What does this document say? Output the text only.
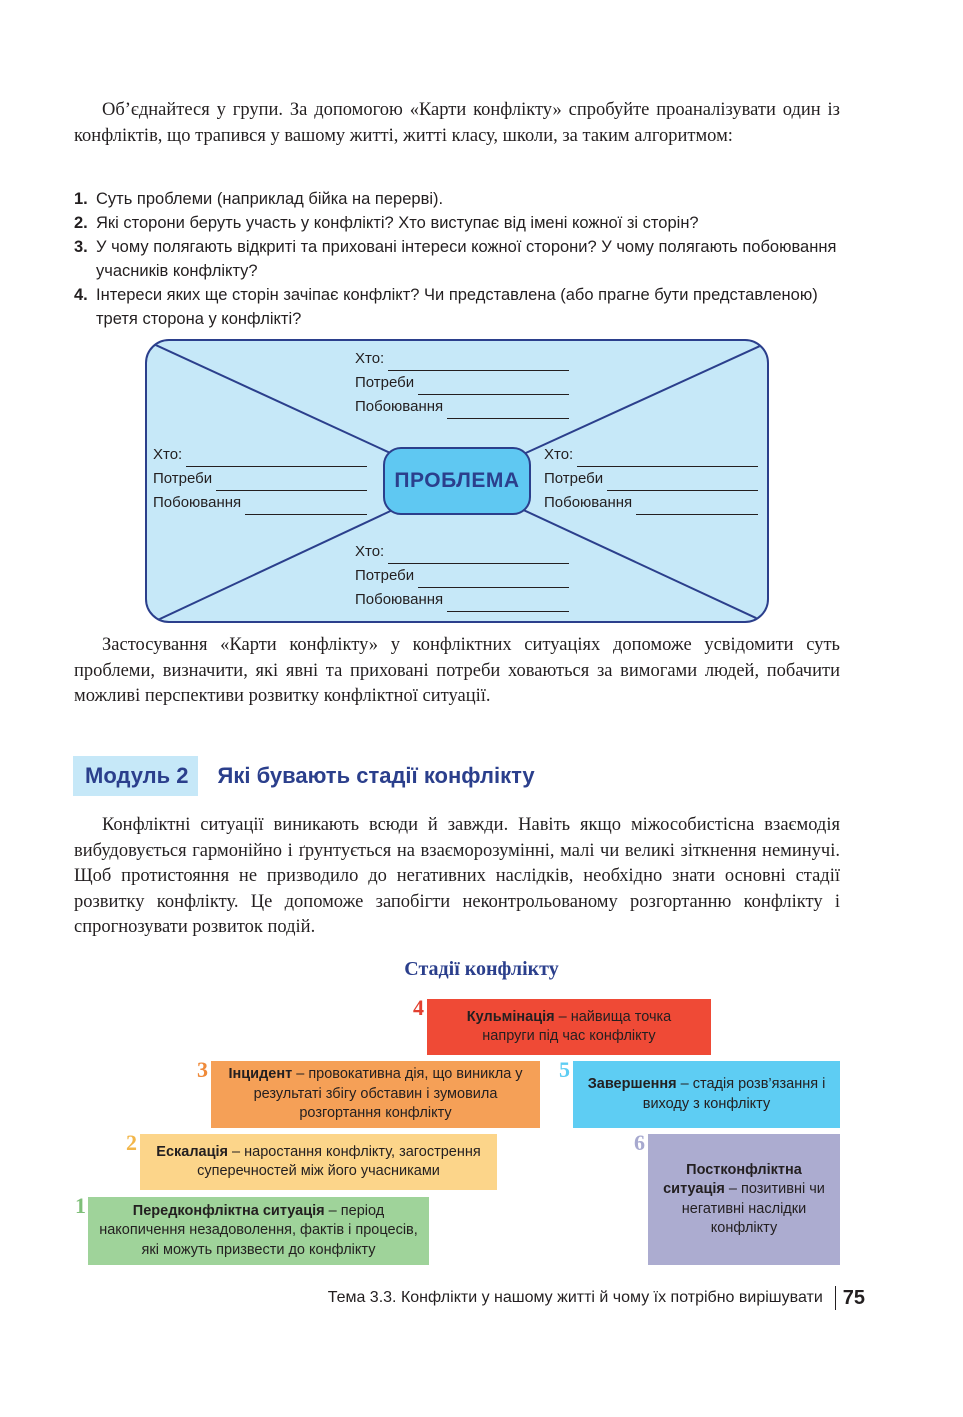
Об’єднайтеся у групи. За допомогою «Карти конфлікту» спробуйте проаналізувати один із конфліктів, що трапився у вашому житті, житті класу, школи, за таким алгоритмом:

1. Суть проблеми (наприклад бійка на перерві).
2. Які сторони беруть участь у конфлікті? Хто виступає від імені кожної зі сторін?
3. У чому полягають відкриті та приховані інтереси кожної сторони? У чому полягають побоювання учасників конфлікту?
4. Інтереси яких ще сторін зачіпає конфлікт? Чи представлена (або прагне бути представленою) третя сторона у конфлікті?
Хто:
Потреби
Побоювання
Хто:
Потреби
Побоювання
Хто:
Потреби
Побоювання
Хто:
Потреби
Побоювання
ПРОБЛЕМА

Застосування «Карти конфлікту» у конфліктних ситуаціях допоможе усвідомити суть проблеми, визначити, які явні та приховані потреби ховаються за вимогами людей, побачити можливі перспективи розвитку конфліктної ситуації.

Модуль 2	Які бувають стадії конфлікту

Конфліктні ситуації виникають всюди й завжди. Навіть якщо міжособистісна взаємодія вибудовується гармонійно і ґрунтується на взаєморозумінні, малі чи великі зіткнення неминучі. Щоб протистояння не призводило до негативних наслідків, необхідно знати основні стадії розвитку конфлікту. Це допоможе запобігти неконтрольованому розгортанню конфлікту і спрогнозувати розвиток подій.

Стадії конфлікту
1	Передконфліктна ситуація – період накопичення незадоволення, фактів і процесів, які можуть призвести до конфлікту
2	Ескалація – наростання конфлікту, загострення суперечностей між його учасниками
3	Інцидент – провокативна дія, що виникла у результаті збігу обставин і зумовила розгортання конфлікту
4	Кульмінація – найвища точка напруги під час конфлікту
5
Завершення – стадія розв’язання і виходу з конфлікту
6
Постконфліктна ситуація – позитивні чи негативні наслідки конфлікту
Тема 3.3. Конфлікти у нашому житті й чому їх потрібно вирішувати 75
